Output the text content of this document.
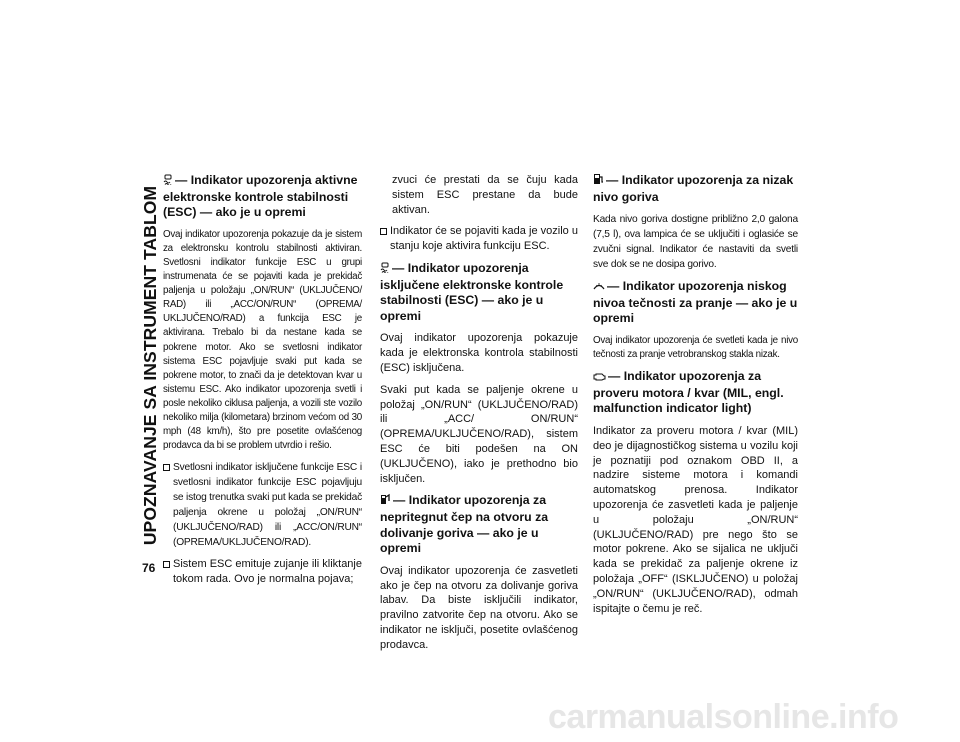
UPOZNAVANJE SA INSTRUMENT TABLOM
76
— Indikator upozorenja aktivne elektronske kontrole stabilnosti (ESC) — ako je u opremi

Ovaj indikator upozorenja pokazuje da je sistem za elektronsku kontrolu stabilnosti aktiviran. Svetlosni indikator funkcije ESC u grupi instrumenata će se pojaviti kada je prekidač paljenja u položaju „ON/RUN“ (UKLJUČENO/ RAD) ili „ACC/ON/RUN“ (OPREMA/ UKLJUČENO/RAD) a funkcija ESC je aktivirana. Trebalo bi da nestane kada se pokrene motor. Ako se svetlosni indikator sistema ESC pojavljuje svaki put kada se pokrene motor, to znači da je detektovan kvar u sistemu ESC. Ako indikator upozorenja svetli i posle nekoliko ciklusa paljenja, a vozili ste vozilo nekoliko milja (kilometara) brzinom većom od 30 mph (48 km/h), što pre posetite ovlašćenog prodavca da bi se problem utvrdio i rešio.

Svetlosni indikator isključene funkcije ESC i svetlosni indikator funkcije ESC pojavljuju se istog trenutka svaki put kada se prekidač paljenja okrene u položaj „ON/RUN“ (UKLJUČENO/RAD) ili „ACC/ON/RUN“ (OPREMA/UKLJUČENO/RAD).

Sistem ESC emituje zujanje ili kliktanje tokom rada. Ovo je normalna pojava;

zvuci će prestati da se čuju kada sistem ESC prestane da bude aktivan.

Indikator će se pojaviti kada je vozilo u stanju koje aktivira funkciju ESC.

— Indikator upozorenja isključene elektronske kontrole stabilnosti (ESC) — ako je u opremi

Ovaj indikator upozorenja pokazuje kada je elektronska kontrola stabilnosti (ESC) isključena.

Svaki put kada se paljenje okrene u položaj „ON/RUN“ (UKLJUČENO/RAD) ili „ACC/ ON/RUN“ (OPREMA/UKLJUČENO/RAD), sistem ESC će biti podešen na ON (UKLJUČENO), iako je prethodno bio isključen.

— Indikator upozorenja za nepritegnut čep na otvoru za dolivanje goriva — ako je u opremi

Ovaj indikator upozorenja će zasvetleti ako je čep na otvoru za dolivanje goriva labav. Da biste isključili indikator, pravilno zatvorite čep na otvoru. Ako se indikator ne isključi, posetite ovlašćenog prodavca.

— Indikator upozorenja za nizak nivo goriva

Kada nivo goriva dostigne približno 2,0 galona (7,5 l), ova lampica će se uključiti i oglasiće se zvučni signal. Indikator će nastaviti da svetli sve dok se ne dosipa gorivo.

— Indikator upozorenja niskog nivoa tečnosti za pranje — ako je u opremi

Ovaj indikator upozorenja će svetleti kada je nivo tečnosti za pranje vetrobranskog stakla nizak.

— Indikator upozorenja za proveru motora / kvar (MIL, engl. malfunction indicator light)

Indikator za proveru motora / kvar (MIL) deo je dijagnostičkog sistema u vozilu koji je poznatiji pod oznakom OBD II, a nadzire sisteme motora i komandi automatskog prenosa. Indikator upozorenja će zasvetleti kada je paljenje u položaju „ON/RUN“ (UKLJUČENO/RAD) pre nego što se motor pokrene. Ako se sijalica ne uključi kada se prekidač za paljenje okrene iz položaja „OFF“ (ISKLJUČENO) u položaj „ON/RUN“ (UKLJUČENO/RAD), odmah ispitajte o čemu je reč.

carmanualsonline.info
